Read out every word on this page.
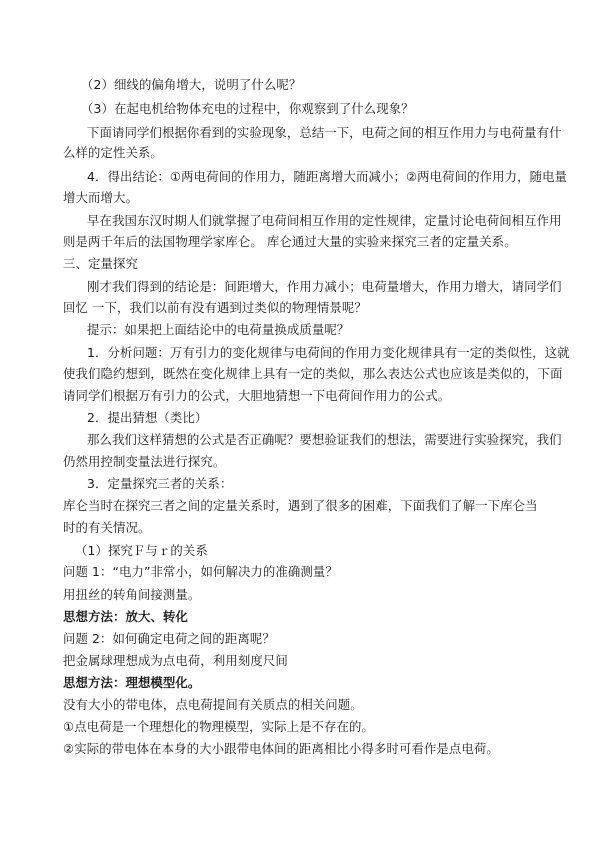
（2）细线的偏角增大，说明了什么呢？
（3）在起电机给物体充电的过程中，你观察到了什么现象？
下面请同学们根据你看到的实验现象，总结一下，电荷之间的相互作用力与电荷量有什
么样的定性关系。
4．得出结论：①两电荷间的作用力，随距离增大而减小；②两电荷间的作用力，随电量
增大而增大。
早在我国东汉时期人们就掌握了电荷间相互作用的定性规律，定量讨论电荷间相互作用
则是两千年后的法国物理学家库仑。 库仑通过大量的实验来探究三者的定量关系。
三、定量探究
刚才我们得到的结论是：间距增大，作用力减小；电荷量增大，作用力增大，请同学们
回忆 一下，我们以前有没有遇到过类似的物理情景呢？
提示：如果把上面结论中的电荷量换成质量呢？
1．分析问题：万有引力的变化规律与电荷间的作用力变化规律具有一定的类似性，这就
使我们隐约想到，既然在变化规律上具有一定的类似，那么表达公式也应该是类似的，下面
请同学们根据万有引力的公式，大胆地猜想一下电荷间作用力的公式。
2．提出猜想（类比）
那么我们这样猜想的公式是否正确呢？要想验证我们的想法，需要进行实验探究，我们
仍然用控制变量法进行探究。
3．定量探究三者的关系：
库仑当时在探究三者之间的定量关系时，遇到了很多的困难，下面我们了解一下库仑当
时的有关情况。
（1）探究Ｆ与ｒ的关系
问题 1：“电力”非常小，如何解决力的准确测量？
用扭丝的转角间接测量。
思想方法：放大、转化
问题 2：如何确定电荷之间的距离呢？
把金属球理想成为点电荷，利用刻度尺间
思想方法：理想模型化。
没有大小的带电体，点电荷提间有关质点的相关问题。
①点电荷是一个理想化的物理模型，实际上是不存在的。
②实际的带电体在本身的大小跟带电体间的距离相比小得多时可看作是点电荷。
